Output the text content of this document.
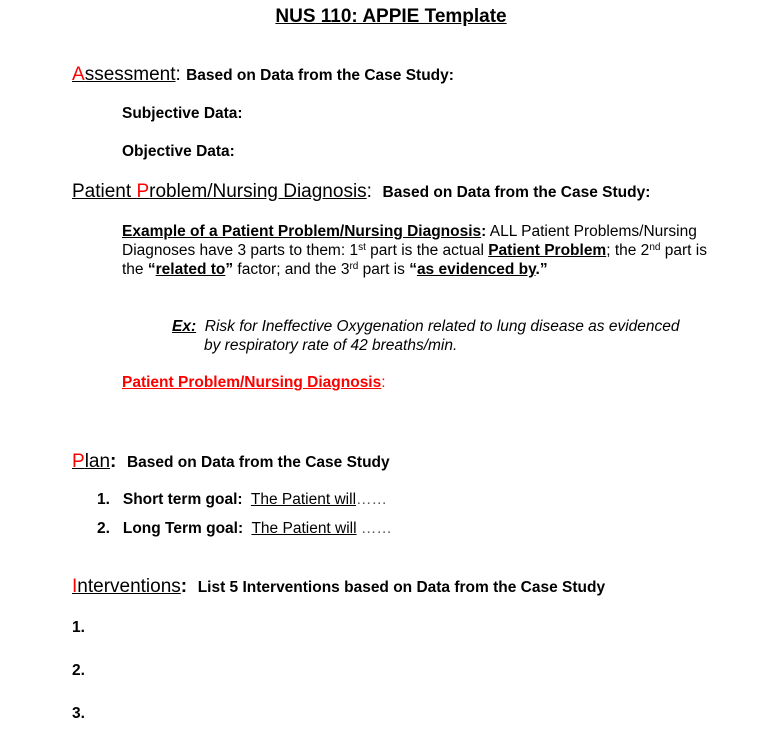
NUS 110: APPIE Template
Assessment: Based on Data from the Case Study:
Subjective Data:
Objective Data:
Patient Problem/Nursing Diagnosis: Based on Data from the Case Study:
Example of a Patient Problem/Nursing Diagnosis: ALL Patient Problems/Nursing Diagnoses have 3 parts to them: 1st part is the actual Patient Problem; the 2nd part is the “related to” factor; and the 3rd part is “as evidenced by.”
Ex: Risk for Ineffective Oxygenation related to lung disease as evidenced
by respiratory rate of 42 breaths/min.
Patient Problem/Nursing Diagnosis:
Plan: Based on Data from the Case Study
1. Short term goal: The Patient will……
2. Long Term goal: The Patient will ……
Interventions: List 5 Interventions based on Data from the Case Study
1.
2.
3.
